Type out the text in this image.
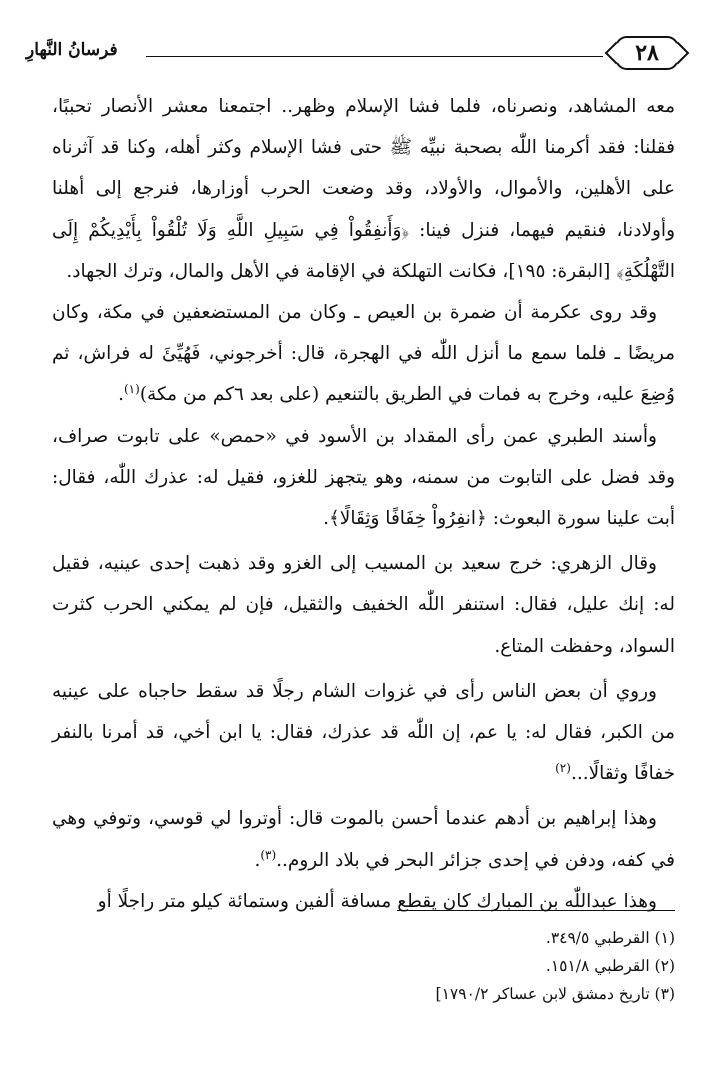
٢٨
فرسانُ النَّهارِ

معه المشاهد، ونصرناه، فلما فشا الإسلام وظهر.. اجتمعنا معشر الأنصار تحببًا، فقلنا: فقد أكرمنا اللّٰه بصحبة نبيِّه ﷺ حتى فشا الإسلام وكثر أهله، وكنا قد آثرناه على الأهلين، والأموال، والأولاد، وقد وضعت الحرب أوزارها، فنرجع إلى أهلنا وأولادنا، فنقيم فيهما، فنزل فينا: ﴿وَأَنفِقُواْ فِي سَبِيلِ اللَّهِ وَلَا تُلْقُواْ بِأَيْدِيكُمْ إِلَى التَّهْلُكَةِ﴾ [البقرة: ١٩٥]، فكانت التهلكة في الإقامة في الأهل والمال، وترك الجهاد.

وقد روى عكرمة أن ضمرة بن العيص ـ وكان من المستضعفين في مكة، وكان مريضًا ـ فلما سمع ما أنزل اللّٰه في الهجرة، قال: أخرجوني، فَهُيِّئَ له فراش، ثم وُضِعَ عليه، وخرج به فمات في الطريق بالتنعيم (على بعد ٦كم من مكة)$^{(١)}$.

وأسند الطبري عمن رأى المقداد بن الأسود في «حمص» على تابوت صراف، وقد فضل على التابوت من سمنه، وهو يتجهز للغزو، فقيل له: عذرك اللّٰه، فقال: أبت علينا سورة البعوث: ﴿انفِرُواْ خِفَافًا وَثِقَالًا﴾.

وقال الزهري: خرج سعيد بن المسيب إلى الغزو وقد ذهبت إحدى عينيه، فقيل له: إنك عليل، فقال: استنفر اللّٰه الخفيف والثقيل، فإن لم يمكني الحرب كثرت السواد، وحفظت المتاع.

وروي أن بعض الناس رأى في غزوات الشام رجلًا قد سقط حاجباه على عينيه من الكبر، فقال له: يا عم، إن اللّٰه قد عذرك، فقال: يا ابن أخي، قد أمرنا بالنفر خفافًا وثقالًا...$^{(٢)}$

وهذا إبراهيم بن أدهم عندما أحسن بالموت قال: أوتروا لي قوسي، وتوفي وهي في كفه، ودفن في إحدى جزائر البحر في بلاد الروم..$^{(٣)}$.

وهذا عبداللّٰه بن المبارك كان يقطع مسافة ألفين وستمائة كيلو متر راجلًا أو

(١) القرطبي ٣٤٩/٥.
(٢) القرطبي ١٥١/٨.
(٣) تاريخ دمشق لابن عساكر ١٧٩٠/٢]
